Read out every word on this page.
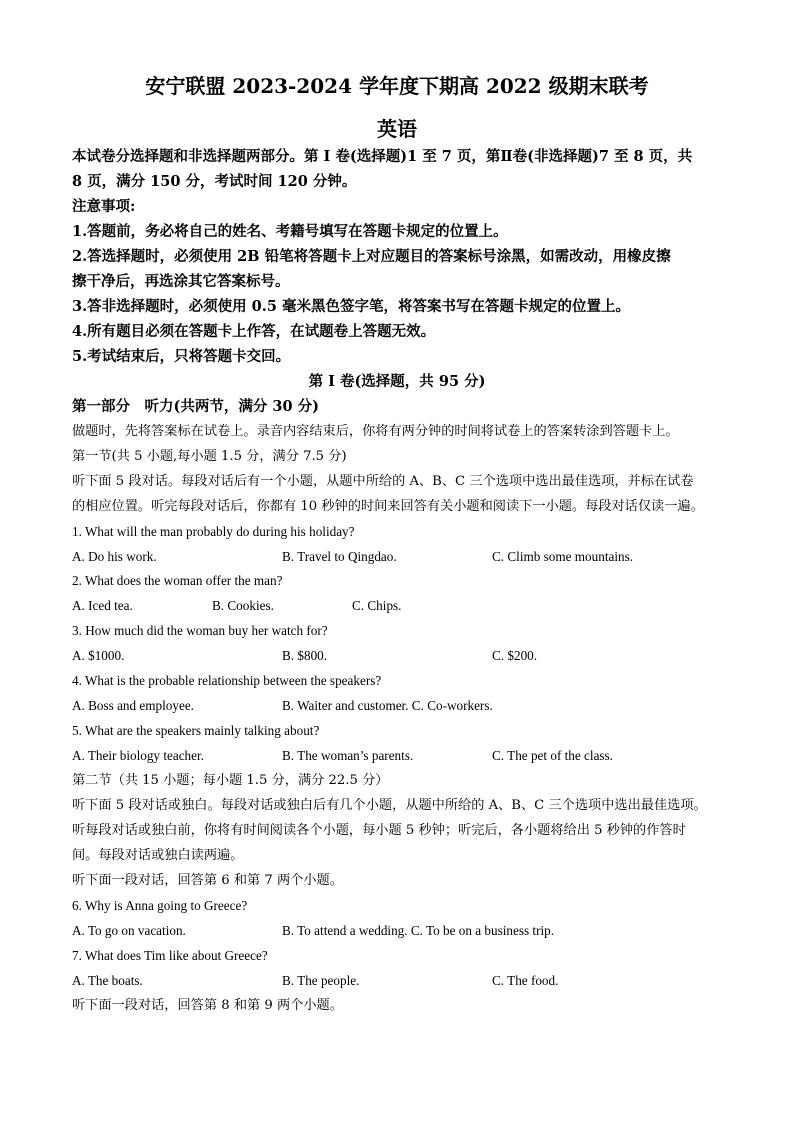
安宁联盟 2023-2024 学年度下期高 2022 级期末联考
英语
本试卷分选择题和非选择题两部分。第 I 卷(选择题)1 至 7 页，第Ⅱ卷(非选择题)7 至 8 页，共
8 页，满分 150 分，考试时间 120 分钟。
注意事项:
1.答题前，务必将自己的姓名、考籍号填写在答题卡规定的位置上。
2.答选择题时，必须使用 2B 铅笔将答题卡上对应题目的答案标号涂黑，如需改动，用橡皮擦
擦干净后，再选涂其它答案标号。
3.答非选择题时，必须使用 0.5 毫米黑色签字笔，将答案书写在答题卡规定的位置上。
4.所有题目必须在答题卡上作答，在试题卷上答题无效。
5.考试结束后，只将答题卡交回。
第 I 卷(选择题，共 95 分)
第一部分　听力(共两节，满分 30 分)
做题时，先将答案标在试卷上。录音内容结束后，你将有两分钟的时间将试卷上的答案转涂到答题卡上。
第一节(共 5 小题,每小题 1.5 分，满分 7.5 分)
听下面 5 段对话。每段对话后有一个小题，从题中所给的 A、B、C 三个选项中选出最佳选项，并标在试卷
的相应位置。听完每段对话后，你都有 10 秒钟的时间来回答有关小题和阅读下一小题。每段对话仅读一遍。
1. What will the man probably do during his holiday?
A. Do his work.	B. Travel to Qingdao.	C. Climb some mountains.
2. What does the woman offer the man?
A. Iced tea.	B. Cookies.	C. Chips.
3. How much did the woman buy her watch for?
A. $1000.	B. $800.	C. $200.
4. What is the probable relationship between the speakers?
A. Boss and employee.	B. Waiter and customer. C. Co-workers.
5. What are the speakers mainly talking about?
A. Their biology teacher.	B. The woman’s parents.	C. The pet of the class.
第二节（共 15 小题；每小题 1.5 分，满分 22.5 分）
听下面 5 段对话或独白。每段对话或独白后有几个小题，从题中所给的 A、B、C 三个选项中选出最佳选项。
听每段对话或独白前，你将有时间阅读各个小题，每小题 5 秒钟；听完后，各小题将给出 5 秒钟的作答时
间。每段对话或独白读两遍。
听下面一段对话，回答第 6 和第 7 两个小题。
6. Why is Anna going to Greece?
A. To go on vacation.	B. To attend a wedding. C. To be on a business trip.
7. What does Tim like about Greece?
A. The boats.	B. The people.	C. The food.
听下面一段对话，回答第 8 和第 9 两个小题。
